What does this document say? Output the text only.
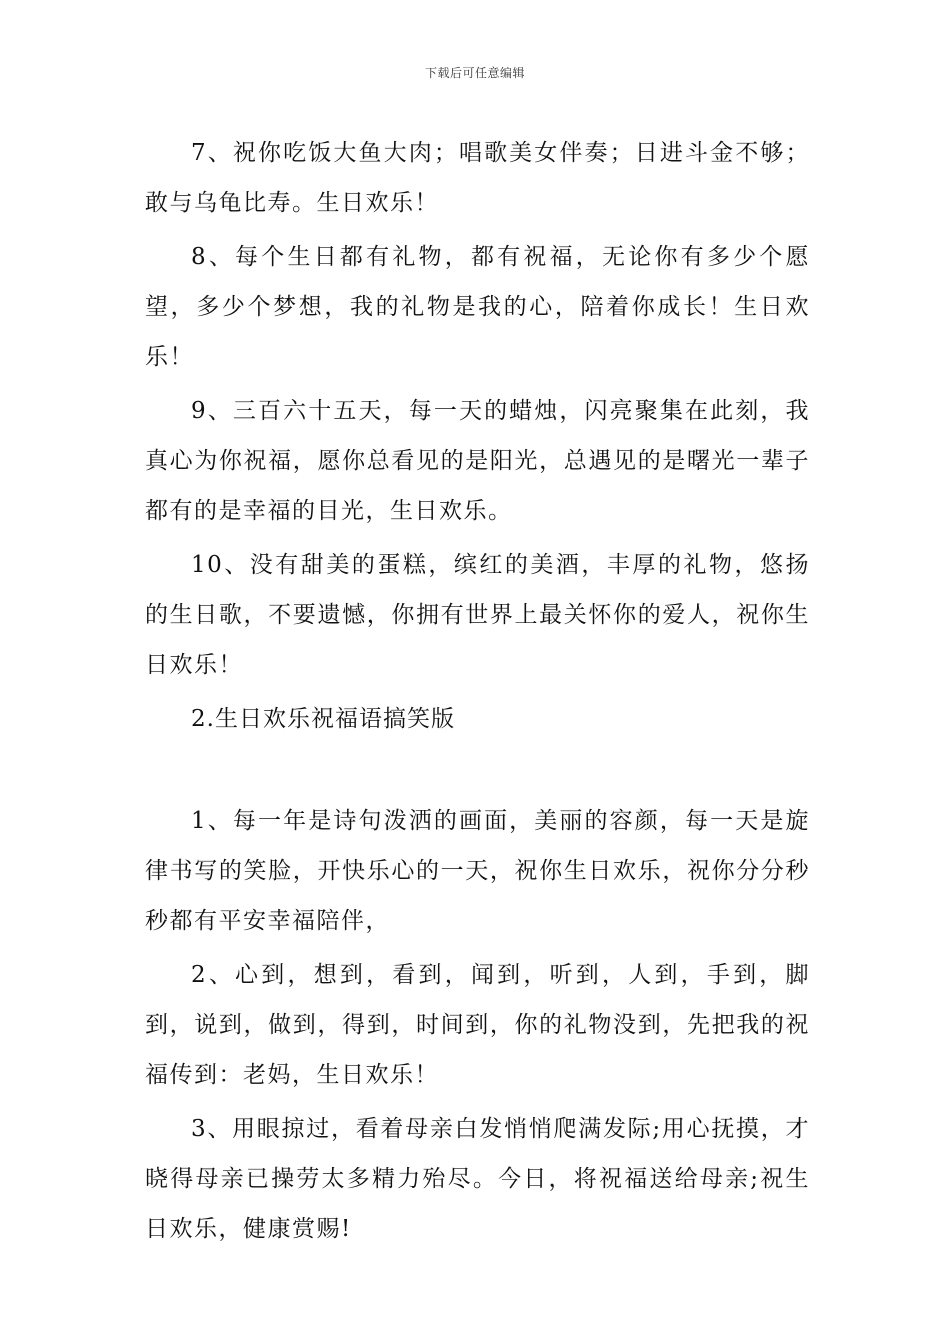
下载后可任意编辑

7、祝你吃饭大鱼大肉；唱歌美女伴奏；日进斗金不够；敢与乌龟比寿。生日欢乐！

8、每个生日都有礼物，都有祝福，无论你有多少个愿望，多少个梦想，我的礼物是我的心，陪着你成长！生日欢乐！

9、三百六十五天，每一天的蜡烛，闪亮聚集在此刻，我真心为你祝福，愿你总看见的是阳光，总遇见的是曙光一辈子都有的是幸福的目光，生日欢乐。

10、没有甜美的蛋糕，缤红的美酒，丰厚的礼物，悠扬的生日歌，不要遗憾，你拥有世界上最关怀你的爱人，祝你生日欢乐！

2.生日欢乐祝福语搞笑版

1、每一年是诗句泼洒的画面，美丽的容颜，每一天是旋律书写的笑脸，开快乐心的一天，祝你生日欢乐，祝你分分秒秒都有平安幸福陪伴，

2、心到，想到，看到，闻到，听到，人到，手到，脚到，说到，做到，得到，时间到，你的礼物没到，先把我的祝福传到：老妈，生日欢乐！

3、用眼掠过，看着母亲白发悄悄爬满发际;用心抚摸，才晓得母亲已操劳太多精力殆尽。今日，将祝福送给母亲;祝生日欢乐，健康赏赐!
